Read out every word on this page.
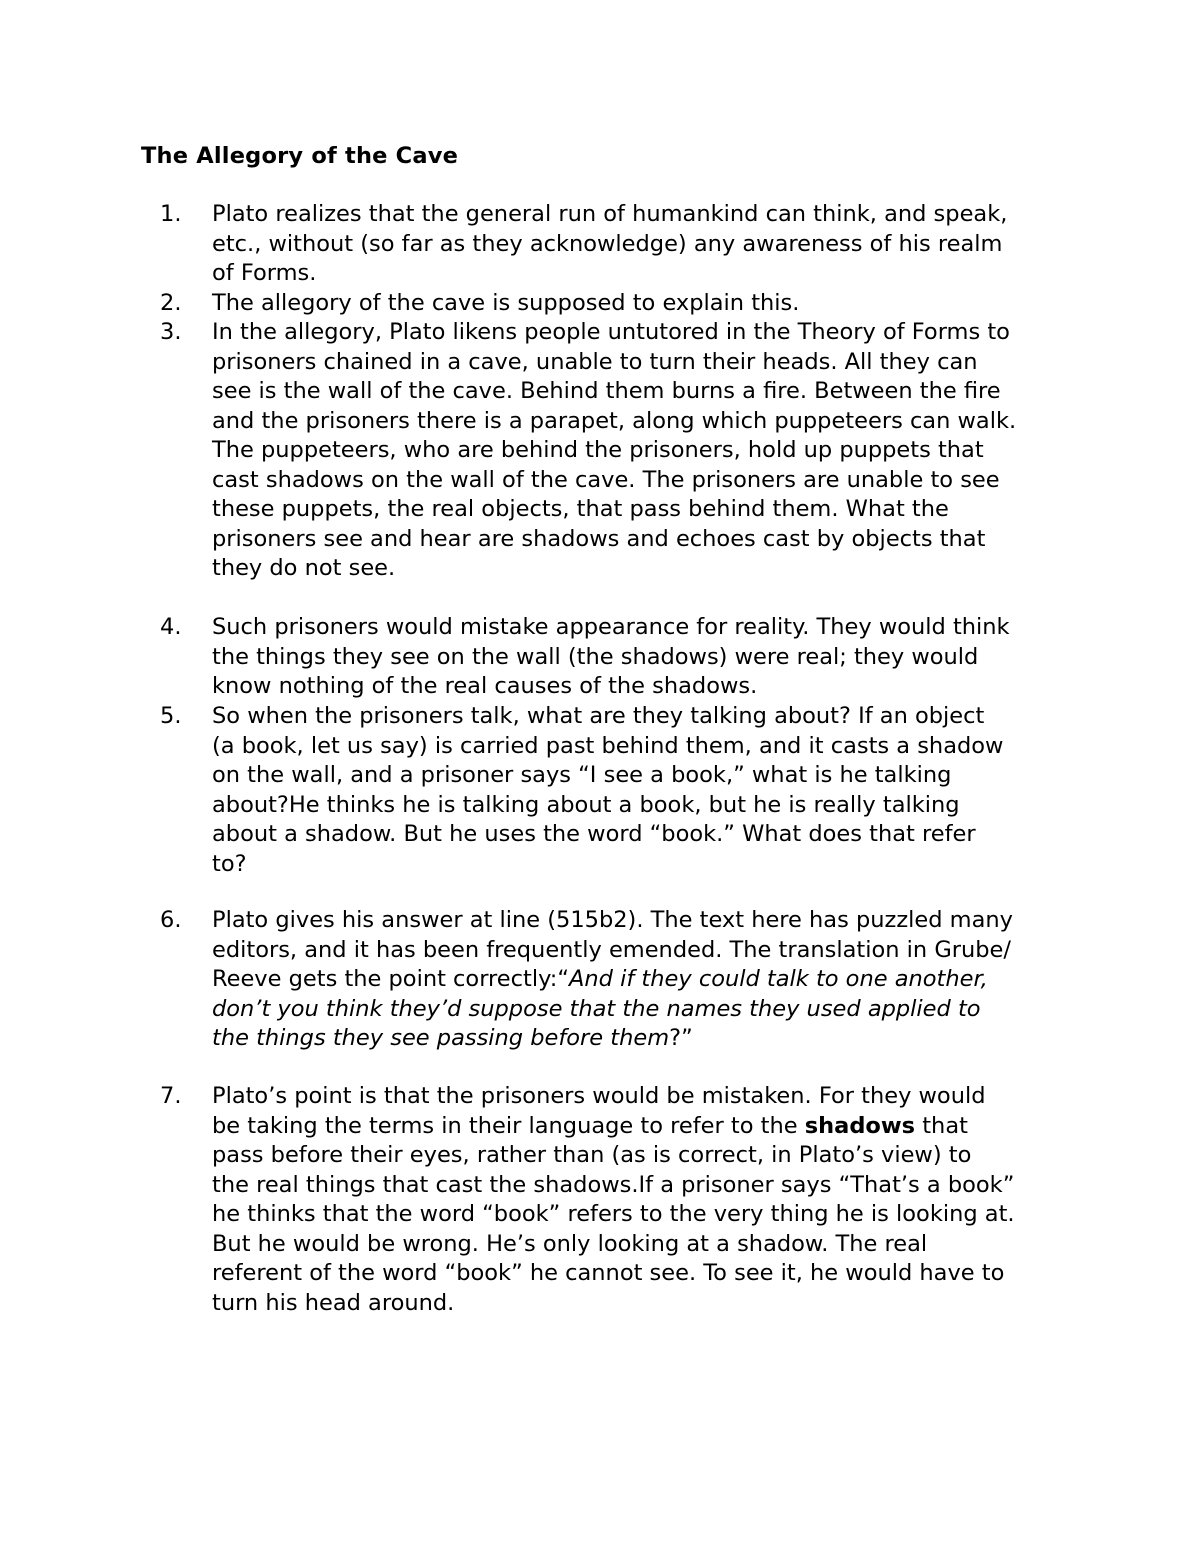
The Allegory of the Cave
1.	Plato realizes that the general run of humankind can think, and speak,
etc., without (so far as they acknowledge) any awareness of his realm
of Forms.
2.	The allegory of the cave is supposed to explain this.
3.	In the allegory, Plato likens people untutored in the Theory of Forms to
prisoners chained in a cave, unable to turn their heads. All they can
see is the wall of the cave. Behind them burns a fire. Between the fire
and the prisoners there is a parapet, along which puppeteers can walk.
The puppeteers, who are behind the prisoners, hold up puppets that
cast shadows on the wall of the cave. The prisoners are unable to see
these puppets, the real objects, that pass behind them. What the
prisoners see and hear are shadows and echoes cast by objects that
they do not see.
4.	Such prisoners would mistake appearance for reality. They would think
the things they see on the wall (the shadows) were real; they would
know nothing of the real causes of the shadows.
5.	So when the prisoners talk, what are they talking about? If an object
(a book, let us say) is carried past behind them, and it casts a shadow
on the wall, and a prisoner says “I see a book,” what is he talking
about?He thinks he is talking about a book, but he is really talking
about a shadow. But he uses the word “book.” What does that refer
to?
6.	Plato gives his answer at line (515b2). The text here has puzzled many
editors, and it has been frequently emended. The translation in Grube/
Reeve gets the point correctly:“And if they could talk to one another,
don’t you think they’d suppose that the names they used applied to
the things they see passing before them?”
7.	Plato’s point is that the prisoners would be mistaken. For they would
be taking the terms in their language to refer to the shadows that
pass before their eyes, rather than (as is correct, in Plato’s view) to
the real things that cast the shadows.If a prisoner says “That’s a book”
he thinks that the word “book” refers to the very thing he is looking at.
But he would be wrong. He’s only looking at a shadow. The real
referent of the word “book” he cannot see. To see it, he would have to
turn his head around.
